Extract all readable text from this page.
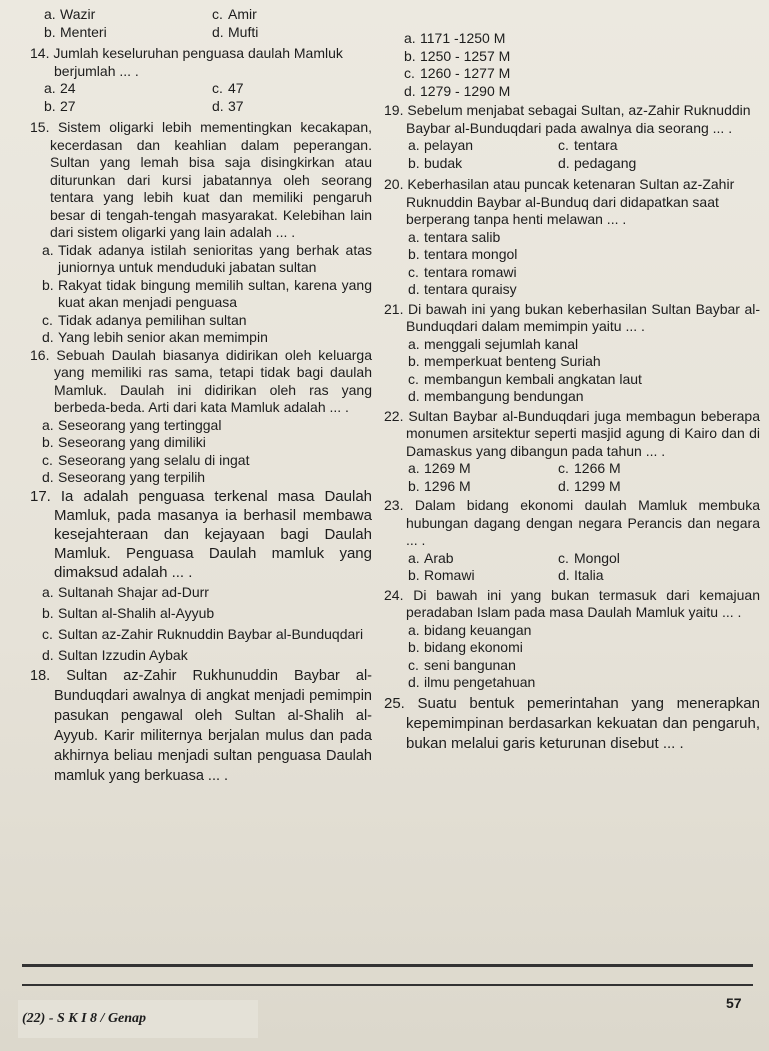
a. Wazir	c. Amir
b. Menteri	d. Mufti
14. Jumlah keseluruhan penguasa daulah Mamluk berjumlah ... .
a. 24	c. 47
b. 27	d. 37
15. Sistem oligarki lebih mementingkan kecakapan, kecerdasan dan keahlian dalam peperangan. Sultan yang lemah bisa saja disingkirkan atau diturunkan dari kursi jabatannya oleh seorang tentara yang lebih kuat dan memiliki pengaruh besar di tengah-tengah masyarakat. Kelebihan lain dari sistem oligarki yang lain adalah ... .
a. Tidak adanya istilah senioritas yang berhak atas juniornya untuk menduduki jabatan sultan
b. Rakyat tidak bingung memilih sultan, karena yang kuat akan menjadi penguasa
c. Tidak adanya pemilihan sultan
d. Yang lebih senior akan memimpin
16. Sebuah Daulah biasanya didirikan oleh keluarga yang memiliki ras sama, tetapi tidak bagi daulah Mamluk. Daulah ini didirikan oleh ras yang berbeda-beda. Arti dari kata Mamluk adalah ... .
a. Seseorang yang tertinggal
b. Seseorang yang dimiliki
c. Seseorang yang selalu di ingat
d. Seseorang yang terpilih
17. Ia adalah penguasa terkenal masa Daulah Mamluk, pada masanya ia berhasil membawa kesejahteraan dan kejayaan bagi Daulah Mamluk. Penguasa Daulah mamluk yang dimaksud adalah ... .
a. Sultanah Shajar ad-Durr
b. Sultan al-Shalih al-Ayyub
c. Sultan az-Zahir Ruknuddin Baybar al-Bunduqdari
d. Sultan Izzudin Aybak
18. Sultan az-Zahir Rukhunuddin Baybar al-Bunduqdari awalnya di angkat menjadi pemimpin pasukan pengawal oleh Sultan al-Shalih al-Ayyub. Karir militernya berjalan mulus dan pada akhirnya beliau menjadi sultan penguasa Daulah mamluk yang berkuasa ... .
a. 1171 -1250 M
b. 1250 - 1257 M
c. 1260 - 1277 M
d. 1279 - 1290 M
19. Sebelum menjabat sebagai Sultan, az-Zahir Ruknuddin Baybar al-Bunduqdari pada awalnya dia seorang ... .
a. pelayan	c. tentara
b. budak	d. pedagang
20. Keberhasilan atau puncak ketenaran Sultan az-Zahir Ruknuddin Baybar al-Bunduq dari didapatkan saat berperang tanpa henti melawan ... .
a. tentara salib
b. tentara mongol
c. tentara romawi
d. tentara quraisy
21. Di bawah ini yang bukan keberhasilan Sultan Baybar al-Bunduqdari dalam memimpin yaitu ... .
a. menggali sejumlah kanal
b. memperkuat benteng Suriah
c. membangun kembali angkatan laut
d. membangung bendungan
22. Sultan Baybar al-Bunduqdari juga membagun beberapa monumen arsitektur seperti masjid agung di Kairo dan di Damaskus yang dibangun pada tahun ... .
a. 1269 M	c. 1266 M
b. 1296 M	d. 1299 M
23. Dalam bidang ekonomi daulah Mamluk membuka hubungan dagang dengan negara Perancis dan negara ... .
a. Arab	c. Mongol
b. Romawi	d. Italia
24. Di bawah ini yang bukan termasuk dari kemajuan peradaban Islam pada masa Daulah Mamluk yaitu ... .
a. bidang keuangan
b. bidang ekonomi
c. seni bangunan
d. ilmu pengetahuan
25. Suatu bentuk pemerintahan yang menerapkan kepemimpinan berdasarkan kekuatan dan pengaruh, bukan melalui garis keturunan disebut ... .
(22) - S K I 8 / Genap
57
